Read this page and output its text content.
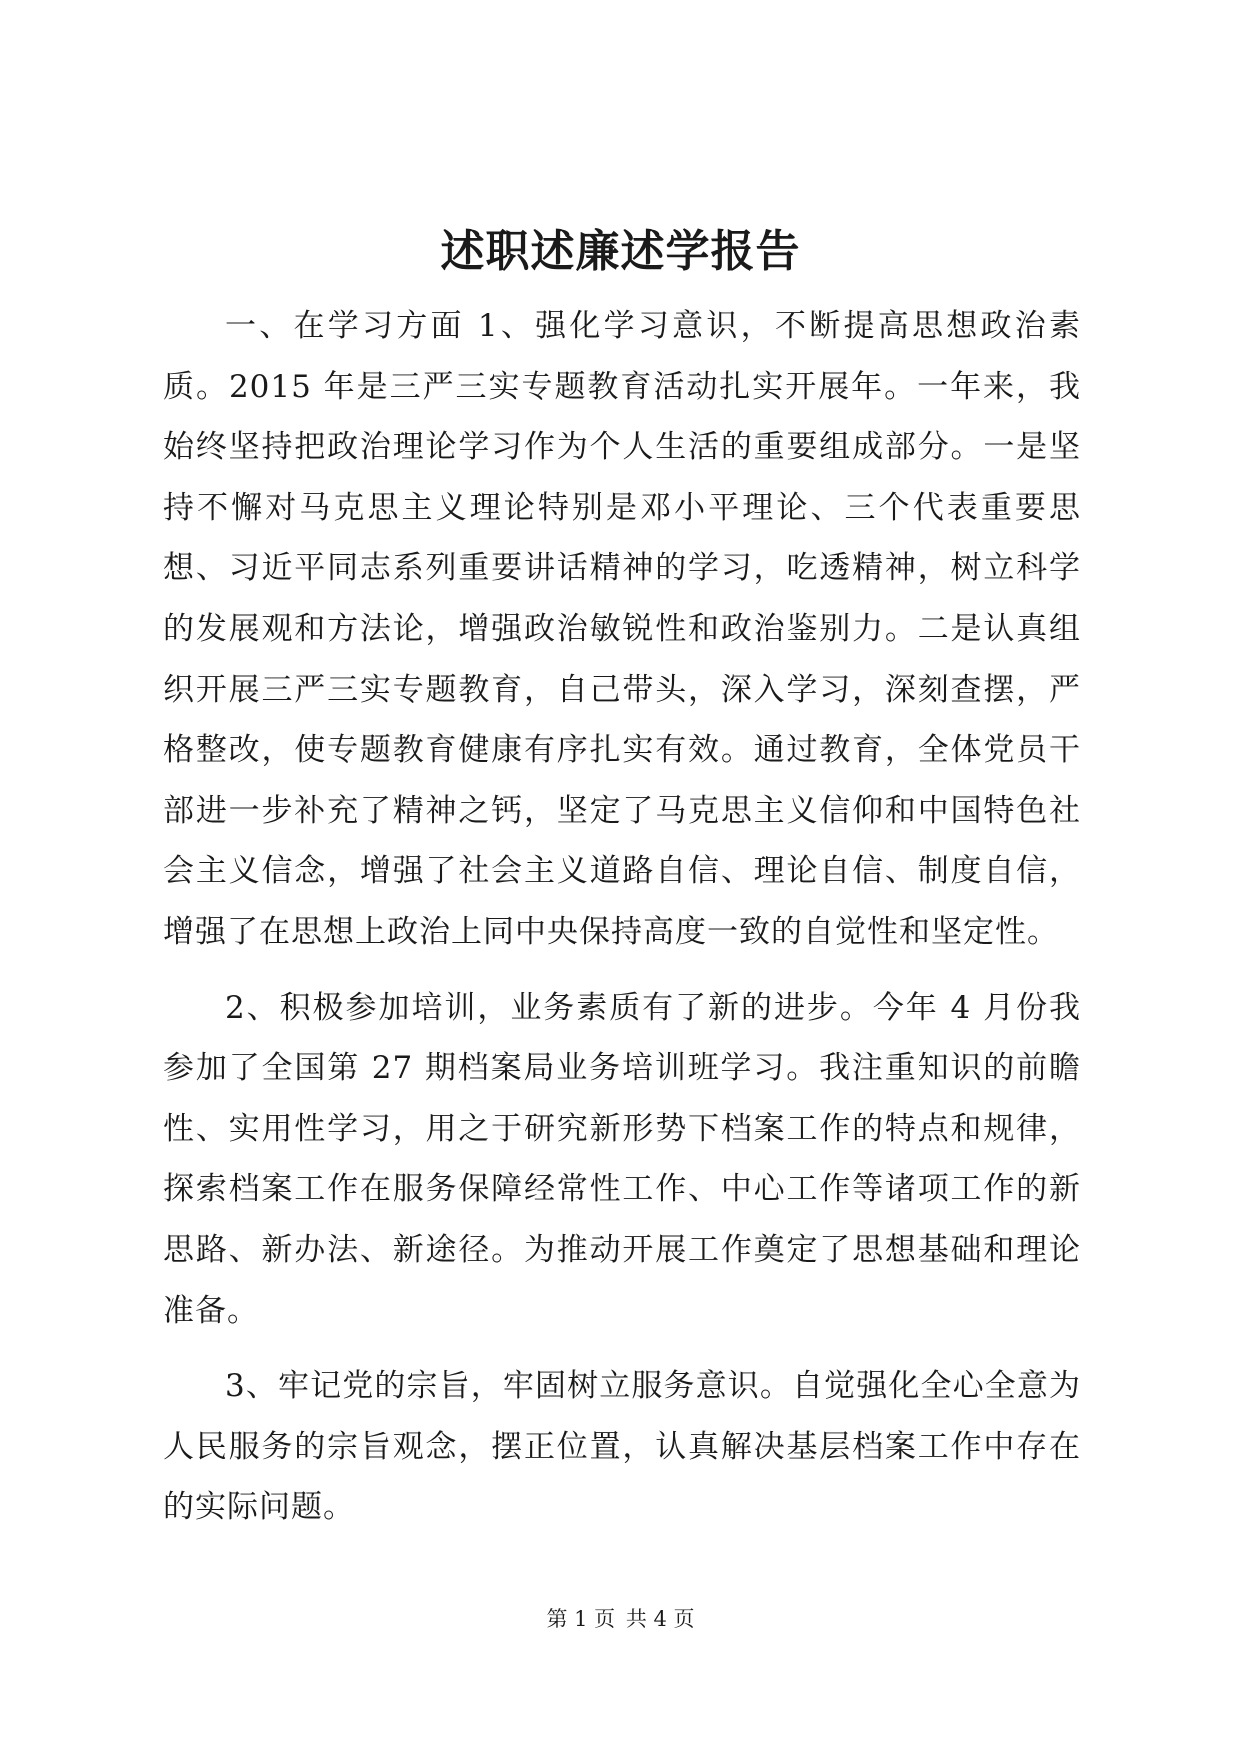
述职述廉述学报告

一、在学习方面 1、强化学习意识，不断提高思想政治素质。2015 年是三严三实专题教育活动扎实开展年。一年来，我始终坚持把政治理论学习作为个人生活的重要组成部分。一是坚持不懈对马克思主义理论特别是邓小平理论、三个代表重要思想、习近平同志系列重要讲话精神的学习，吃透精神，树立科学的发展观和方法论，增强政治敏锐性和政治鉴别力。二是认真组织开展三严三实专题教育，自己带头，深入学习，深刻查摆，严格整改，使专题教育健康有序扎实有效。通过教育，全体党员干部进一步补充了精神之钙，坚定了马克思主义信仰和中国特色社会主义信念，增强了社会主义道路自信、理论自信、制度自信，增强了在思想上政治上同中央保持高度一致的自觉性和坚定性。

2、积极参加培训，业务素质有了新的进步。今年 4 月份我参加了全国第 27 期档案局业务培训班学习。我注重知识的前瞻性、实用性学习，用之于研究新形势下档案工作的特点和规律，探索档案工作在服务保障经常性工作、中心工作等诸项工作的新思路、新办法、新途径。为推动开展工作奠定了思想基础和理论准备。

3、牢记党的宗旨，牢固树立服务意识。自觉强化全心全意为人民服务的宗旨观念，摆正位置，认真解决基层档案工作中存在的实际问题。

第 1 页 共 4 页
